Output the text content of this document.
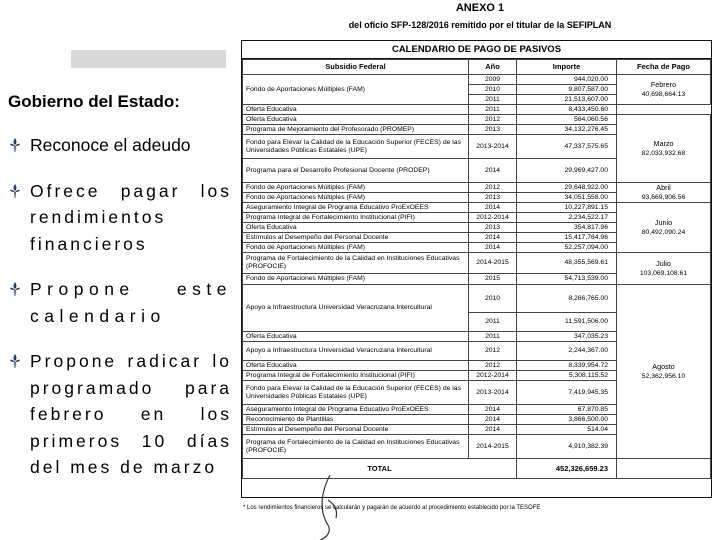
Gobierno del Estado:
Reconoce el adeudo
Ofrece pagar los rendimientos financieros
Propone este calendario
Propone radicar lo programado para febrero en los primeros 10 días del mes de marzo
ANEXO 1
del oficio SFP-128/2016 remitido por el titular de la SEFIPLAN
CALENDARIO DE PAGO DE PASIVOS
Subsidio Federal	Año	Importe	Fecha de Pago
Fondo de Aportaciones Múltiples (FAM)	2009	944,020.00	Febrero
40,698,664.13

	2010	9,807,587.00	
	2011	21,513,607.00	
Oferta Educativa	2011	8,433,450.60	
Oferta Educativa	2012	564,060.56	Marzo
82,033,932.68

Programa de Mejoramiento del Profesorado (PROMEP)	2013	34,132,276.45	
Fondo para Elevar la Calidad de la Educación Superior (FECES) de las Universidades Públicas Estatales (UPE)	2013-2014	47,337,575.65	
Programa para el Desarrollo Profesional Docente (PRODEP)	2014	29,969,427.00	
Fondo de Aportaciones Múltiples (FAM)	2012	29,648,922.00	Abril
93,669,906.56

Fondo de Aportaciones Múltiples (FAM)	2013	34,051,558.00	
Aseguramiento Integral de Programa Educativo ProExOEES	2014	10,227,891.15	Junio
80,492,090.24

Programa Integral de Fortalecimiento Institucional (PIFI)	2012-2014	2,234,522.17	
Oferta Educativa	2013	354,817.96	
Estímulos al Desempeño del Personal Docente	2014	15,417,764.96	
Fondo de Aportaciones Múltiples (FAM)	2014	52,257,094.00	
Programa de Fortalecimiento de la Calidad en Instituciones Educativas (PROFOCIE)	2014-2015	48,355,569.61	Julio
103,069,108.61

Fondo de Aportaciones Múltiples (FAM)	2015	54,713,539.00	
Apoyo a Infraestructura Universidad Veracruzana Intercultural	2010	8,266,765.00	Agosto
52,362,956.10

	2011	11,591,506.00	
Oferta Educativa	2011	347,035.23	
Apoyo a Infraestructura Universidad Veracruzana Intercultural	2012	2,244,367.00	
Oferta Educativa	2012	8,339,954.72	
Programa Integral de Fortalecimiento Institucional (PIFI)	2012-2014	5,308,115.52	
Fondo para Elevar la Calidad de la Educación Superior (FECES) de las Universidades Públicas Estatales (UPE)	2013-2014	7,419,945.35	
Aseguramiento Integral de Programa Educativo ProExOEES	2014	67,870.85	
Reconocimiento de Plantillas	2014	3,866,500.00	
Estímulos al Desempeño del Personal Docente	2014	514.04	
Programa de Fortalecimiento de la Calidad en Instituciones Educativas (PROFOCIE)	2014-2015	4,910,382.39	
TOTAL		452,326,659.23	
* Los rendimientos financieros se calcularán y pagarán de acuerdo al procedimiento establecido por la TESOFE
